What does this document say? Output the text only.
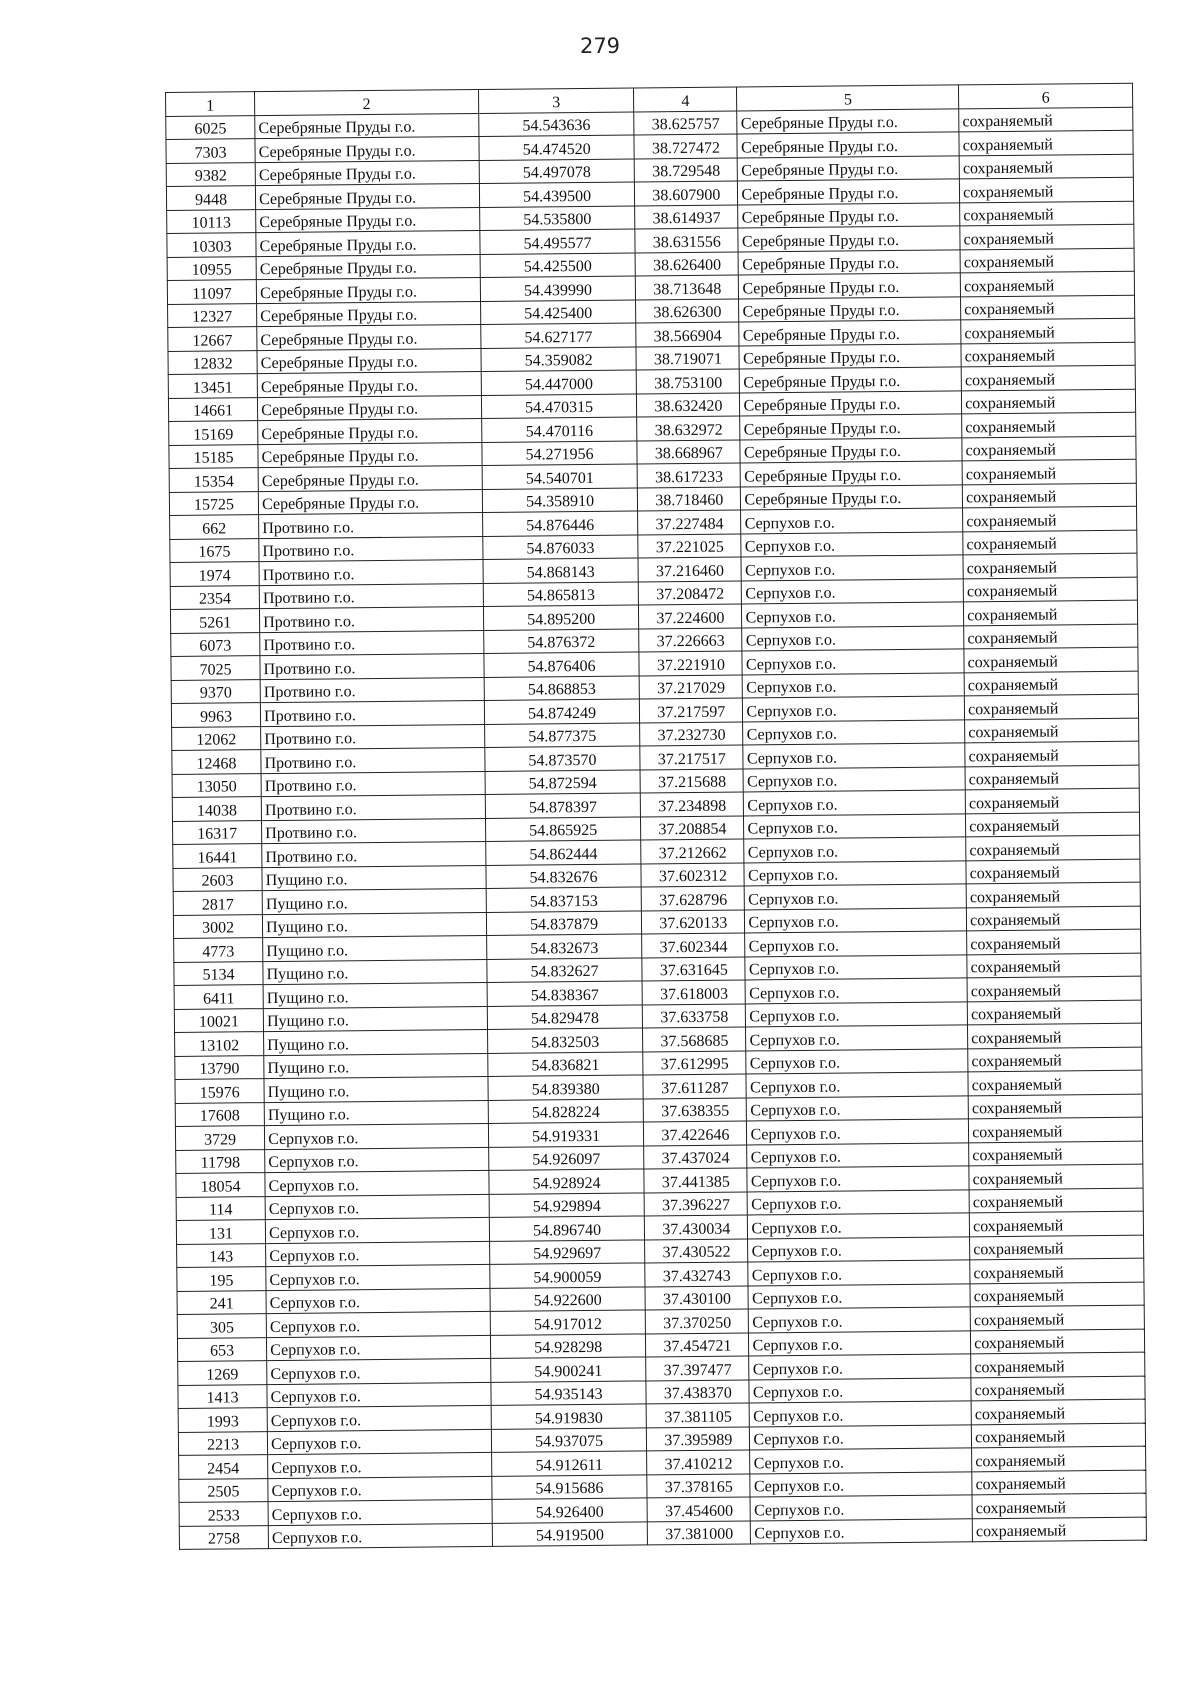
279
1	2	3	4	5	6
6025	Серебряные Пруды г.о.	54.543636	38.625757	Серебряные Пруды г.о.	сохраняемый
7303	Серебряные Пруды г.о.	54.474520	38.727472	Серебряные Пруды г.о.	сохраняемый
9382	Серебряные Пруды г.о.	54.497078	38.729548	Серебряные Пруды г.о.	сохраняемый
9448	Серебряные Пруды г.о.	54.439500	38.607900	Серебряные Пруды г.о.	сохраняемый
10113	Серебряные Пруды г.о.	54.535800	38.614937	Серебряные Пруды г.о.	сохраняемый
10303	Серебряные Пруды г.о.	54.495577	38.631556	Серебряные Пруды г.о.	сохраняемый
10955	Серебряные Пруды г.о.	54.425500	38.626400	Серебряные Пруды г.о.	сохраняемый
11097	Серебряные Пруды г.о.	54.439990	38.713648	Серебряные Пруды г.о.	сохраняемый
12327	Серебряные Пруды г.о.	54.425400	38.626300	Серебряные Пруды г.о.	сохраняемый
12667	Серебряные Пруды г.о.	54.627177	38.566904	Серебряные Пруды г.о.	сохраняемый
12832	Серебряные Пруды г.о.	54.359082	38.719071	Серебряные Пруды г.о.	сохраняемый
13451	Серебряные Пруды г.о.	54.447000	38.753100	Серебряные Пруды г.о.	сохраняемый
14661	Серебряные Пруды г.о.	54.470315	38.632420	Серебряные Пруды г.о.	сохраняемый
15169	Серебряные Пруды г.о.	54.470116	38.632972	Серебряные Пруды г.о.	сохраняемый
15185	Серебряные Пруды г.о.	54.271956	38.668967	Серебряные Пруды г.о.	сохраняемый
15354	Серебряные Пруды г.о.	54.540701	38.617233	Серебряные Пруды г.о.	сохраняемый
15725	Серебряные Пруды г.о.	54.358910	38.718460	Серебряные Пруды г.о.	сохраняемый
662	Протвино г.о.	54.876446	37.227484	Серпухов г.о.	сохраняемый
1675	Протвино г.о.	54.876033	37.221025	Серпухов г.о.	сохраняемый
1974	Протвино г.о.	54.868143	37.216460	Серпухов г.о.	сохраняемый
2354	Протвино г.о.	54.865813	37.208472	Серпухов г.о.	сохраняемый
5261	Протвино г.о.	54.895200	37.224600	Серпухов г.о.	сохраняемый
6073	Протвино г.о.	54.876372	37.226663	Серпухов г.о.	сохраняемый
7025	Протвино г.о.	54.876406	37.221910	Серпухов г.о.	сохраняемый
9370	Протвино г.о.	54.868853	37.217029	Серпухов г.о.	сохраняемый
9963	Протвино г.о.	54.874249	37.217597	Серпухов г.о.	сохраняемый
12062	Протвино г.о.	54.877375	37.232730	Серпухов г.о.	сохраняемый
12468	Протвино г.о.	54.873570	37.217517	Серпухов г.о.	сохраняемый
13050	Протвино г.о.	54.872594	37.215688	Серпухов г.о.	сохраняемый
14038	Протвино г.о.	54.878397	37.234898	Серпухов г.о.	сохраняемый
16317	Протвино г.о.	54.865925	37.208854	Серпухов г.о.	сохраняемый
16441	Протвино г.о.	54.862444	37.212662	Серпухов г.о.	сохраняемый
2603	Пущино г.о.	54.832676	37.602312	Серпухов г.о.	сохраняемый
2817	Пущино г.о.	54.837153	37.628796	Серпухов г.о.	сохраняемый
3002	Пущино г.о.	54.837879	37.620133	Серпухов г.о.	сохраняемый
4773	Пущино г.о.	54.832673	37.602344	Серпухов г.о.	сохраняемый
5134	Пущино г.о.	54.832627	37.631645	Серпухов г.о.	сохраняемый
6411	Пущино г.о.	54.838367	37.618003	Серпухов г.о.	сохраняемый
10021	Пущино г.о.	54.829478	37.633758	Серпухов г.о.	сохраняемый
13102	Пущино г.о.	54.832503	37.568685	Серпухов г.о.	сохраняемый
13790	Пущино г.о.	54.836821	37.612995	Серпухов г.о.	сохраняемый
15976	Пущино г.о.	54.839380	37.611287	Серпухов г.о.	сохраняемый
17608	Пущино г.о.	54.828224	37.638355	Серпухов г.о.	сохраняемый
3729	Серпухов г.о.	54.919331	37.422646	Серпухов г.о.	сохраняемый
11798	Серпухов г.о.	54.926097	37.437024	Серпухов г.о.	сохраняемый
18054	Серпухов г.о.	54.928924	37.441385	Серпухов г.о.	сохраняемый
114	Серпухов г.о.	54.929894	37.396227	Серпухов г.о.	сохраняемый
131	Серпухов г.о.	54.896740	37.430034	Серпухов г.о.	сохраняемый
143	Серпухов г.о.	54.929697	37.430522	Серпухов г.о.	сохраняемый
195	Серпухов г.о.	54.900059	37.432743	Серпухов г.о.	сохраняемый
241	Серпухов г.о.	54.922600	37.430100	Серпухов г.о.	сохраняемый
305	Серпухов г.о.	54.917012	37.370250	Серпухов г.о.	сохраняемый
653	Серпухов г.о.	54.928298	37.454721	Серпухов г.о.	сохраняемый
1269	Серпухов г.о.	54.900241	37.397477	Серпухов г.о.	сохраняемый
1413	Серпухов г.о.	54.935143	37.438370	Серпухов г.о.	сохраняемый
1993	Серпухов г.о.	54.919830	37.381105	Серпухов г.о.	сохраняемый
2213	Серпухов г.о.	54.937075	37.395989	Серпухов г.о.	сохраняемый
2454	Серпухов г.о.	54.912611	37.410212	Серпухов г.о.	сохраняемый
2505	Серпухов г.о.	54.915686	37.378165	Серпухов г.о.	сохраняемый
2533	Серпухов г.о.	54.926400	37.454600	Серпухов г.о.	сохраняемый
2758	Серпухов г.о.	54.919500	37.381000	Серпухов г.о.	сохраняемый
